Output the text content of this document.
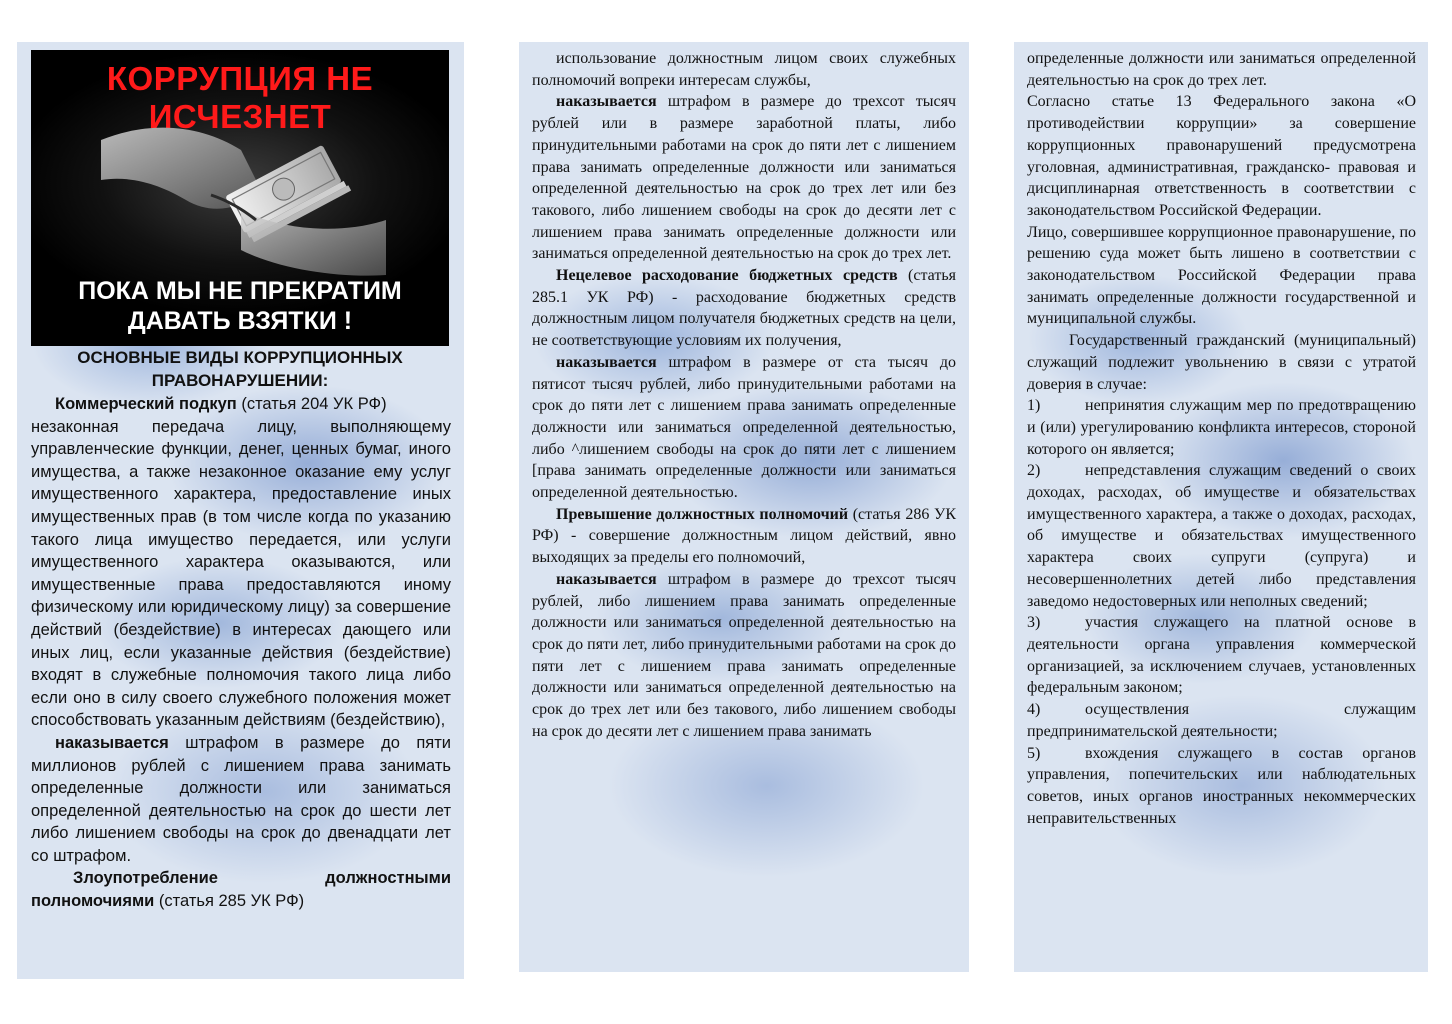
КОРРУПЦИЯ НЕ ИСЧЕЗНЕТ
ПОКА МЫ НЕ ПРЕКРАТИМ
ДАВАТЬ ВЗЯТКИ !
ОСНОВНЫЕ ВИДЫ КОРРУПЦИОННЫХ ПРАВОНАРУШЕНИИ:

Коммерческий подкуп (статья 204 УК РФ)

незаконная передача лицу, выполняющему управленческие функции, денег, ценных бумаг, иного имущества, а также незаконное оказание ему услуг имущественного характера, предоставление иных имущественных прав (в том числе когда по указанию такого лица имущество передается, или услуги имущественного характера оказываются, или имущественные права предоставляются иному физическому или юридическому лицу) за совершение действий (бездействие) в интересах дающего или иных лиц, если указанные действия (бездействие) входят в служебные полномочия такого лица либо если оно в силу своего служебного положения может способствовать указанным действиям (бездействию),

наказывается штрафом в размере до пяти миллионов рублей с лишением права занимать определенные должности или заниматься определенной деятельностью на срок до шести лет либо лишением свободы на срок до двенадцати лет со штрафом.

Злоупотребление должностными полномочиями (статья 285 УК РФ)

использование должностным лицом своих служебных полномочий вопреки интересам службы,

наказывается штрафом в размере до трехсот тысяч рублей или в размере заработной платы, либо принудительными работами на срок до пяти лет с лишением права занимать определенные должности или заниматься определенной деятельностью на срок до трех лет или без такового, либо лишением свободы на срок до десяти лет с лишением права занимать определенные должности или заниматься определенной деятельностью на срок до трех лет.

Нецелевое расходование бюджетных средств (статья 285.1 УК РФ) - расходование бюджетных средств должностным лицом получателя бюджетных средств на цели, не соответствующие условиям их получения,

наказывается штрафом в размере от ста тысяч до пятисот тысяч рублей, либо принудительными работами на срок до пяти лет с лишением права занимать определенные должности или заниматься определенной деятельностью, либо ^лишением свободы на срок до пяти лет с лишением [права занимать определенные должности или заниматься определенной деятельностью.

Превышение должностных полномочий (статья 286 УК РФ) - совершение должностным лицом действий, явно выходящих за пределы его полномочий,

наказывается штрафом в размере до трехсот тысяч рублей, либо лишением права занимать определенные должности или заниматься определенной деятельностью на срок до пяти лет, либо принудительными работами на срок до пяти лет с лишением права занимать определенные должности или заниматься определенной деятельностью на срок до трех лет или без такового, либо лишением свободы на срок до десяти лет с лишением права занимать

определенные должности или заниматься определенной деятельностью на срок до трех лет.

Согласно статье 13 Федерального закона «О противодействии коррупции» за совершение коррупционных правонарушений предусмотрена уголовная, административная, гражданско- правовая и дисциплинарная ответственность в соответствии с законодательством Российской Федерации.

Лицо, совершившее коррупционное правонарушение, по решению суда может быть лишено в соответствии с законодательством Российской Федерации права занимать определенные должности государственной и муниципальной службы.

Государственный гражданский (муниципальный) служащий подлежит увольнению в связи с утратой доверия в случае:

1)	непринятия служащим мер по предотвращению и (или) урегулированию конфликта интересов, стороной которого он является;

2)	непредставления служащим сведений о своих доходах, расходах, об имуществе и обязательствах имущественного характера, а также о доходах, расходах, об имуществе и обязательствах имущественного характера своих супруги (супруга) и несовершеннолетних детей либо представления заведомо недостоверных или неполных сведений;

3)	участия служащего на платной основе в деятельности органа управления коммерческой организацией, за исключением случаев, установленных федеральным законом;

4)	осуществления служащим предпринимательской деятельности;

5)	вхождения служащего в состав органов управления, попечительских или наблюдательных советов, иных органов иностранных некоммерческих неправительственных
